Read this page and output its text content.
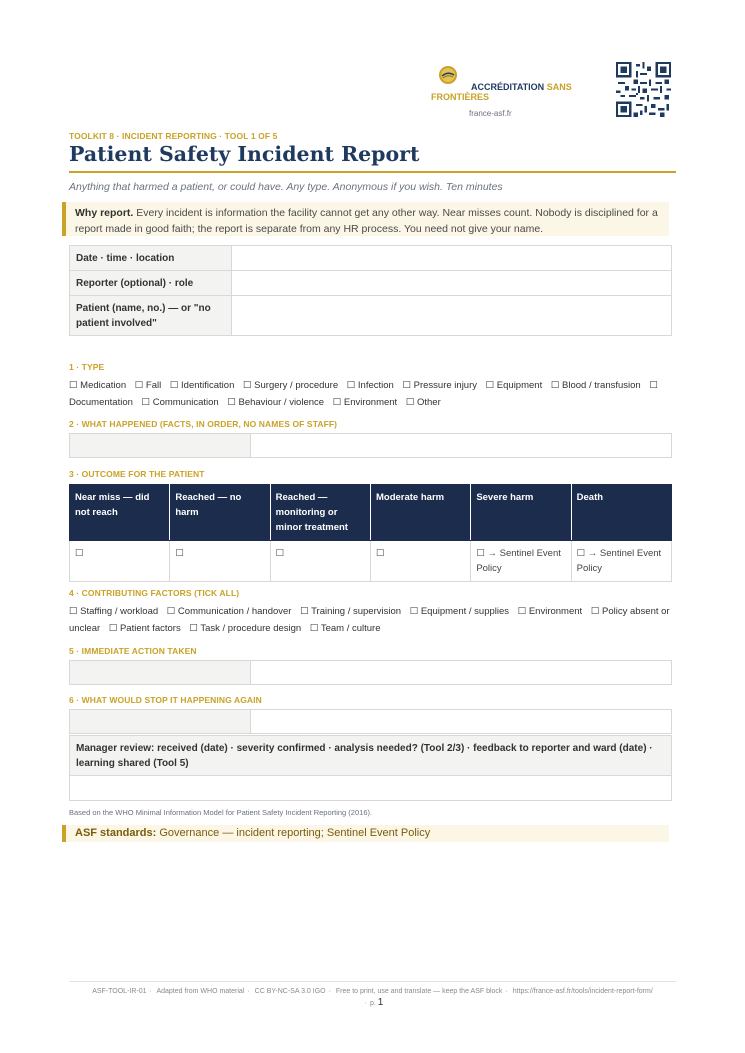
ACCRÉDITATION SANS
FRONTIÈRES
france-asf.fr
TOOLKIT 8 · INCIDENT REPORTING · TOOL 1 OF 5
Patient Safety Incident Report
Anything that harmed a patient, or could have. Any type. Anonymous if you wish. Ten minutes
Why report. Every incident is information the facility cannot get any other way. Near misses count. Nobody is disciplined for a report made in good faith; the report is separate from any HR process. You need not give your name.
Date · time · location	
Reporter (optional) · role	
Patient (name, no.) — or "no patient involved"	
1 · TYPE
☐ Medication ☐ Fall ☐ Identification ☐ Surgery / procedure ☐ Infection ☐ Pressure injury ☐ Equipment ☐ Blood / transfusion ☐ Documentation ☐ Communication ☐ Behaviour / violence ☐ Environment ☐ Other
2 · WHAT HAPPENED (FACTS, IN ORDER, NO NAMES OF STAFF)
3 · OUTCOME FOR THE PATIENT
Near miss — did not reach	Reached — no harm	Reached — monitoring or minor treatment	Moderate harm	Severe harm	Death
☐	☐	☐	☐	☐ → Sentinel Event Policy	☐ → Sentinel Event Policy
4 · CONTRIBUTING FACTORS (TICK ALL)
☐ Staffing / workload ☐ Communication / handover ☐ Training / supervision ☐ Equipment / supplies ☐ Environment ☐ Policy absent or unclear ☐ Patient factors ☐ Task / procedure design ☐ Team / culture
5 · IMMEDIATE ACTION TAKEN
6 · WHAT WOULD STOP IT HAPPENING AGAIN
Manager review: received (date) · severity confirmed · analysis needed? (Tool 2/3) · feedback to reporter and ward (date) · learning shared (Tool 5)

Based on the WHO Minimal Information Model for Patient Safety Incident Reporting (2016).
ASF standards: Governance — incident reporting; Sentinel Event Policy
ASF-TOOL-IR-01 · Adapted from WHO material · CC BY-NC-SA 3.0 IGO · Free to print, use and translate — keep the ASF block · https://france-asf.fr/tools/incident-report-form/
· p. 1
